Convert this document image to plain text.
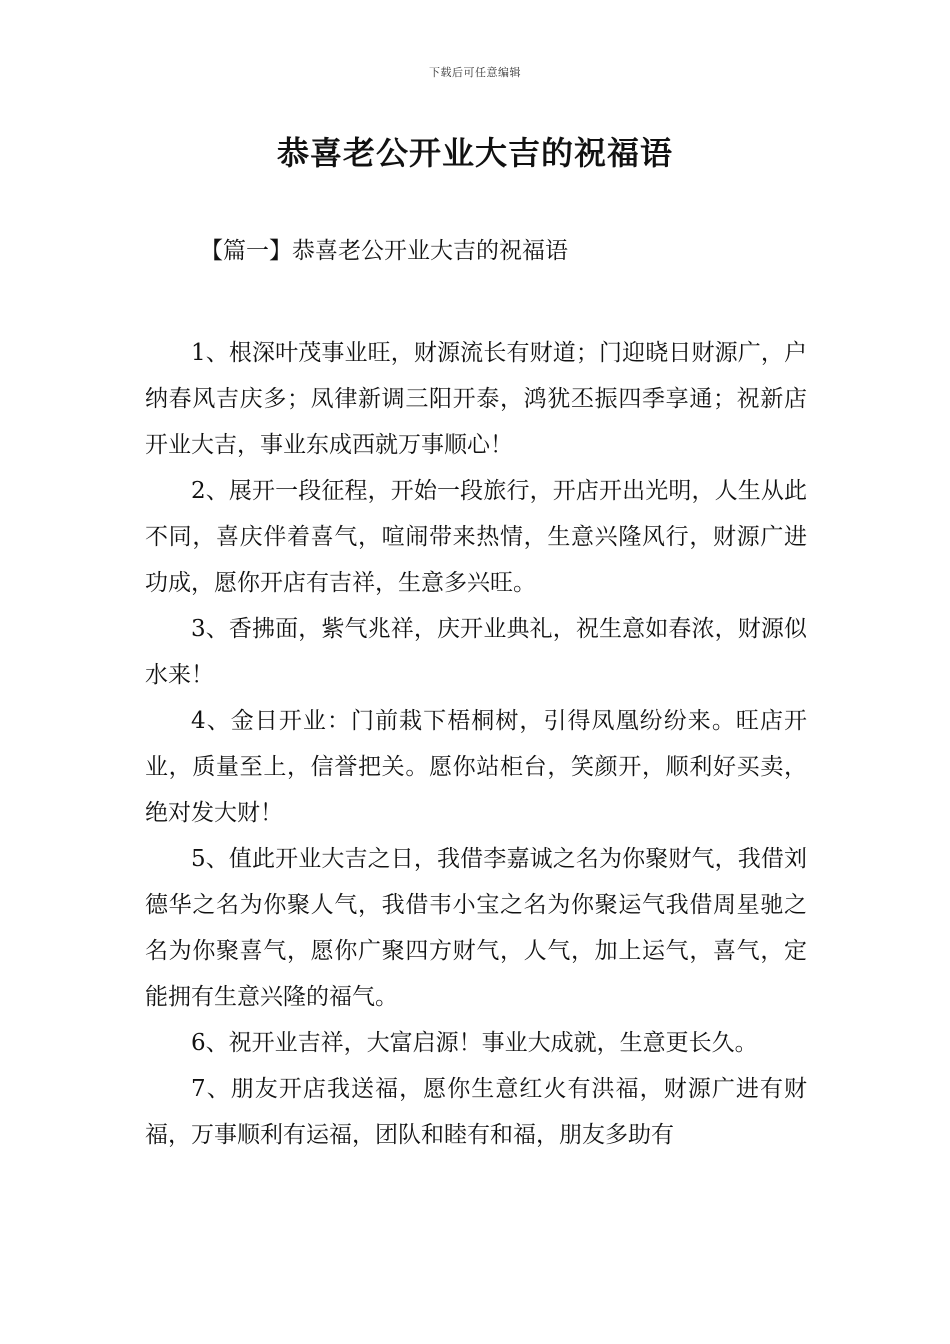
下载后可任意编辑
恭喜老公开业大吉的祝福语
【篇一】恭喜老公开业大吉的祝福语

1、根深叶茂事业旺，财源流长有财道；门迎晓日财源广，户纳春风吉庆多；凤律新调三阳开泰，鸿犹丕振四季享通；祝新店开业大吉，事业东成西就万事顺心！

2、展开一段征程，开始一段旅行，开店开出光明，人生从此不同，喜庆伴着喜气，喧闹带来热情，生意兴隆风行，财源广进功成，愿你开店有吉祥，生意多兴旺。

3、香拂面，紫气兆祥，庆开业典礼，祝生意如春浓，财源似水来！

4、金日开业：门前栽下梧桐树，引得凤凰纷纷来。旺店开业，质量至上，信誉把关。愿你站柜台，笑颜开，顺利好买卖，绝对发大财！

5、值此开业大吉之日，我借李嘉诚之名为你聚财气，我借刘德华之名为你聚人气，我借韦小宝之名为你聚运气我借周星驰之名为你聚喜气，愿你广聚四方财气，人气，加上运气，喜气，定能拥有生意兴隆的福气。

6、祝开业吉祥，大富启源！事业大成就，生意更长久。

7、朋友开店我送福，愿你生意红火有洪福，财源广进有财福，万事顺利有运福，团队和睦有和福，朋友多助有
